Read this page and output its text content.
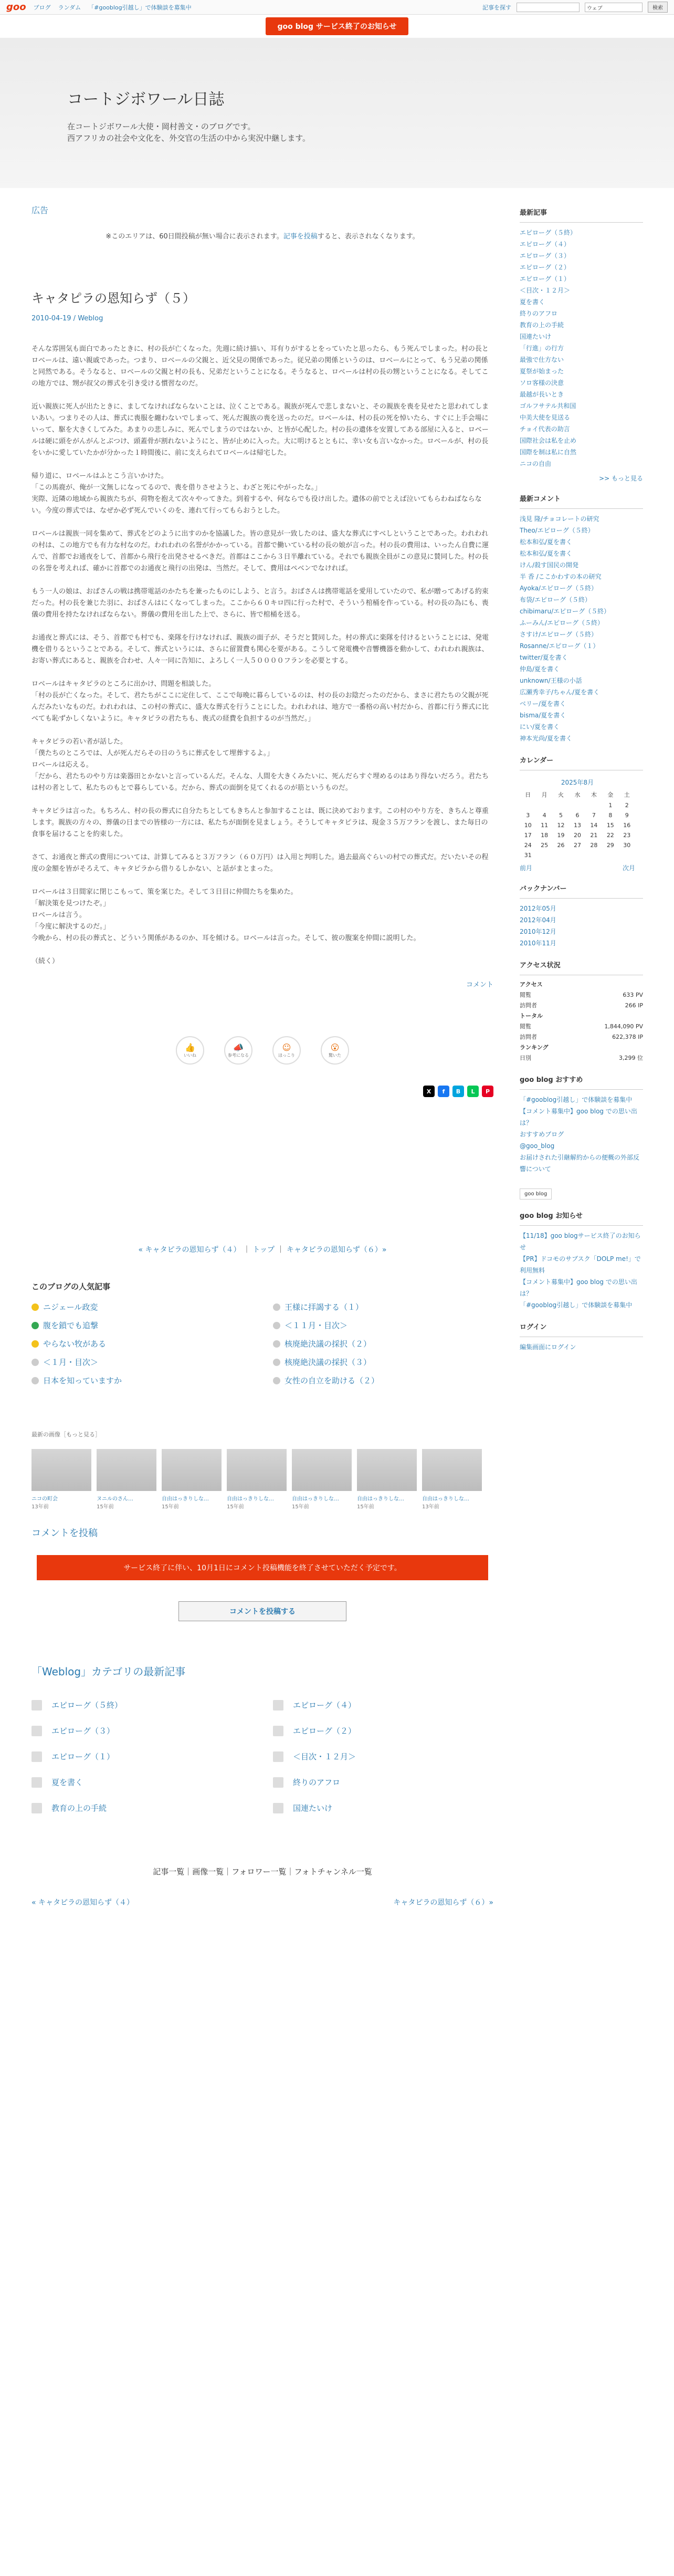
goo ブログ ランダム 「#gooblog引越し」で体験談を募集中	記事を探す	ウェブ	検索
goo blog サービス終了のお知らせ
コートジボワール日誌

在コートジボワール大使・岡村善文・のブログです。

西アフリカの社会や文化を、外交官の生活の中から実況中継します。

広告

※このエリアは、60日間投稿が無い場合に表示されます。記事を投稿すると、表示されなくなります。

キャタピラの恩知らず（５）
2010-04-19 / Weblog

そんな雰囲気も面白であったときに、村の長が亡くなった。先週に続け描い、耳有りがするとをっていたと思ったら、もう死んでしまった。村の長とロベールは、遠い親戚であった。つまり、ロベールの父親と、近父見の関係であった。従兄弟の関係というのは、ロベールにとって、もう兄弟の関係と同然である。そうなると、ロベールの父親と村の長も、兄弟だということになる。そうなると、ロベールは村の長の甥ということになる。そしてこの地方では、甥が叔父の葬式を引き受ける慣習なのだ。

近い親族に死人が出たときに、ましてなければならないことは、泣くことである。親族が死んで悲しまないと、その親族を喪を見せたと思われてしまいあい。つまりその人は、葬式に喪服を纏わないでしまって、死んだ親族の喪を送ったのだ。ロベールは、村の長の死を悼いたら、すぐに上手会場にいって、駆を大きくしてみた。あまりの悲しみに、死んでしまうのではないか、と皆が心配した。村の長の遺体を安置してある部屋に入ると、ロベールは硬に頭をがんがんとぶつけ、頭蓋骨が割れないようにと、皆が止めに入った。大に明けるとともに、幸い女も言いなかった。ロベールが、村の長をいかに愛していたかが分かった１時間後に、前に支えられてロベールは帰宅した。

帰り道に、ロベールはふとこう言いかけた。
「この馬鹿が、俺が一文無しになってるので、喪を借りさせようと、わざと死にやがったな。」
実際、近隣の地域から親族たちが、荷物を抱えて次々やってきた。到着するや、何ならでも役け出した。遺体の前でとえば泣いてもらわねばならない。今度の葬式では、なぜか必ず死んでいくのを、連れて行ってもらおうとした。

ロベールは親族一同を集めて、葬式をどのように出すのかを協議した。皆の意見が一致したのは、盛大な葬式にすべしということであった。われわれの村は、この地方でも有力な村なのだ。われわれの名誉がかかっている。首都で働いている村の長の娘が言った。村の長の費用は、いったん自費に運んで、首都でお通夜をして、首都から飛行を出発させるべきだ。首都はここから３日半離れている。それでも親族全員がこの意見に賛同した。村の長の名誉を考えれば、確かに首都でのお通夜と飛行の出発は、当然だ。そして、費用はペベンでなければ。

もう一人の娘は、おばさんの戦は携帯電話のかたちを兼ったものにしよう、と言う。おばさんは携帯電話を愛用していたので、私が贈ってあげる約束だった。村の長を兼じた羽に、おばさんはにくなってしまった。ここから６０キロ四に行った村で、そういう棺桶を作っている。村の長の為にも、喪儀の費用を持たなければならない。葬儀の費用を出した上で、さらに、皆で棺桶を送る。

お通夜と葬式には、そう、首都でも村でも、楽隊を行けなければ、親族の面子が、そうだと賛同した。村の葬式に楽隊を付けるということには、発電機を借りるということである。そして、葬式というには、さらに留置費も関心を要がある。こうして発電機や音響機器を動かして、われわれ親族は、お寄い葬式にあると、親族を合わせ、人々一同に告知に、よろしく一人５００００フランを必要とする。

ロベールはキャタピラのところに出かけ、問題を相談した。
「村の長が亡くなった。そして、君たちがここに定住して、ここで毎晩に暮らしているのは、村の長のお陰だったのだから、まさに君たちの父親が死んだみたいなものだ。われわれは、この村の葬式に、盛大な葬式を行うことにした。われわれは、地方で一番格の高い村だから、首都に行う葬式に比べても恥ずかしくないように。キャタピラの君たちも、喪式の経費を負担するのが当然だ。」

キャタピラの若い者が話した。
「僕たちのところでは、人が死んだらその日のうちに葬式をして埋葬するよ。」
ロベールは応える。
「だから、君たちのやり方は楽器田とかないと言っているんだ。そんな、人間を大きくみたいに、死んだらすぐ埋めるのはあり得ないだろう。君たちは村の者として、私たちのもとで暮らしている。だから、葬式の面倒を見てくれるのが筋というものだ。

キャタピラは言った。もちろん、村の長の葬式に自分たちとしてもきちんと参加することは、既に決めております。この村のやり方を、きちんと尊重します。親族の方々の、葬儀の日までの皆様の一方には、私たちが面倒を見ましょう。そうしてキャタピラは、現金３５万フランを渡し、また毎日の食事を届けることを約束した。

さて、お通夜と葬式の費用については、計算してみると３万フラン（６０万円）は入用と判明した。過去最高ぐらいの村での葬式だ。だいたいその程度の金額を皆がそろえて、キャタピラから借りるしかない、と話がまとまった。

ロベールは３日間家に閉じこもって、策を案じた。そして３日目に仲間たちを集めた。
「解決策を見つけたぞ。」
ロベールは言う。
「今度に解決するのだ。」
今晩から、村の長の葬式と、どういう関係があるのか、耳を傾ける。ロベールは言った。そして、彼の腹案を仲間に説明した。

（続く）

コメント
👍
いいね
📣
参考になる
☺
ほっこり
😮
驚いた
X	f	B	L	P
« キャタピラの恩知らず（４） ｜ トップ ｜ キャタピラの恩知らず（６）»
このブログの人気記事
ニジェール政変	王様に拝謁する（１）
腹を鎖でも追撃	＜１１月・目次＞
やらない牧がある	核廃絶決議の採択（２）
＜１月・目次＞	核廃絶決議の採択（３）
日本を知っていますか	女性の自立を助ける（２）
最新の画像［もっと見る］
ニコの町会
13年前
ヌニルのさん…
15年前
自由はっきりしな…
15年前
自由はっきりしな…
15年前
自由はっきりしな…
15年前
自由はっきりしな…
15年前
自由はっきりしな…
13年前
コメントを投稿
サービス終了に伴い、10月1日にコメント投稿機能を終了させていただく予定です。
コメントを投稿する
「Weblog」カテゴリの最新記事
エピローグ（５終）	エピローグ（４）
エピローグ（３）	エピローグ（２）
エピローグ（１）	＜目次・１２月＞
夏を書く	終りのアフロ
教育の上の手続	国連たいけ
記事一覧｜画像一覧｜フォロワー一覧｜フォトチャンネル一覧
« キャタピラの恩知らず（４）	キャタピラの恩知らず（６）»
最新記事
エピローグ（５終）
エピローグ（４）
エピローグ（３）
エピローグ（２）
エピローグ（１）
＜目次・１２月＞
夏を書く
終りのアフロ
教育の上の手続
国連たいけ
「行進」の行方
最強で仕方ない
夏祭が始まった
ソロ客様の決意
最越が長いとき
ゴルフサテル共和国
中美大使を見送る
チョイ代表の助言
国際社会は私を止め
国際を制は私に自然
ニコの自由
>> もっと見る
最新コメント
浅見 隆/チョコレートの研究
Theo/エピローグ（５終）
松本和弘/夏を書く
松本和弘/夏を書く
けん/殺す国民の開発
半 香 /ここかわすの本の研究
Ayoka/エピローグ（５終）
布袋/エピローグ（５終）
chibimaru/エピローグ（５終）
ふーみん/エピローグ（５終）
さすけ/エピローグ（５終）
Rosanne/エピローグ（１）
twitter/夏を書く
仲島/夏を書く
unknown/王様の小話
広瀬秀幸子/ちゃん/夏を書く
ベリー/夏を書く
bisma/夏を書く
にい/夏を書く
神本光尚/夏を書く
カレンダー
2025年8月
日	月	火	水	木	金	土
					1	2
3	4	5	6	7	8	9
10	11	12	13	14	15	16
17	18	19	20	21	22	23
24	25	26	27	28	29	30
31						
前月	次月
バックナンバー
2012年05月
2012年04月
2010年12月
2010年11月
アクセス状況
アクセス
閲覧	633 PV
訪問者	266 IP
トータル
閲覧	1,844,090 PV
訪問者	622,378 IP
ランキング
日別	3,299 位
goo blog おすすめ
「#gooblog引越し」で体験談を募集中
【コメント募集中】goo blog での思い出は？
おすすめブログ
@goo_blog
お届けされた引継解約からの便概の外部反響について
goo blog
goo blog お知らせ
【11/18】goo blogサービス終了のお知らせ
【PR】ドコモのサブスク「DOLP me!」で利用無料
【コメント募集中】goo blog での思い出は？
「#gooblog引越し」で体験談を募集中
ログイン
編集画面にログイン
